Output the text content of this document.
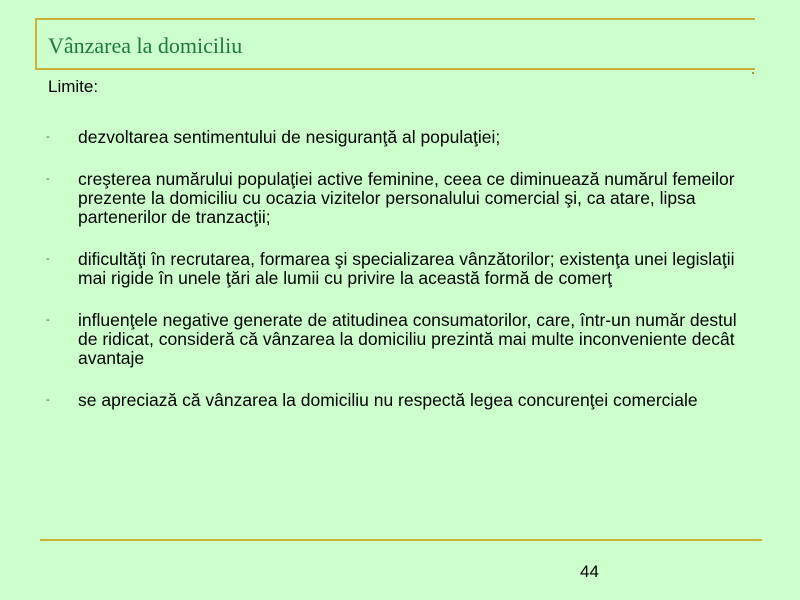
Vânzarea la domiciliu
Limite:
- dezvoltarea sentimentului de nesiguranţă al populaţiei;
- creşterea numărului populaţiei active feminine, ceea ce diminuează numărul femeilor prezente la domiciliu cu ocazia vizitelor personalului comercial şi, ca atare, lipsa partenerilor de tranzacţii;
- dificultăţi în recrutarea, formarea şi specializarea vânzătorilor; existenţa unei legislaţii mai rigide în unele ţări ale lumii cu privire la această formă de comerţ
- influenţele negative generate de atitudinea consumatorilor, care, într-un număr destul de ridicat, consideră că vânzarea la domiciliu prezintă mai multe inconveniente decât avantaje
- se apreciază că vânzarea la domiciliu nu respectă legea concurenţei comerciale
44
